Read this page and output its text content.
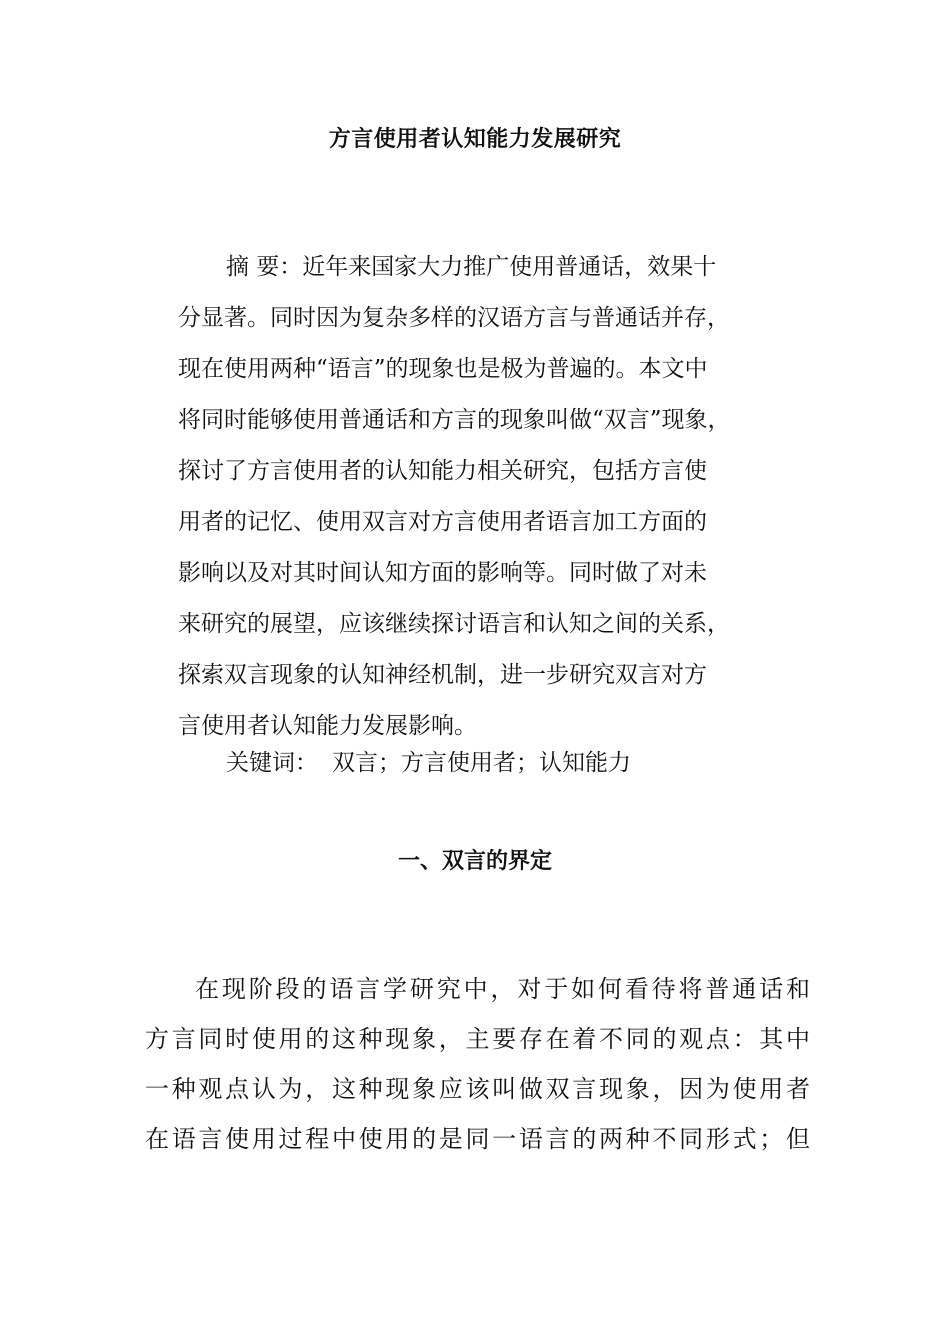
方言使用者认知能力发展研究
摘 要：近年来国家大力推广使用普通话，效果十
分显著。同时因为复杂多样的汉语方言与普通话并存，
现在使用两种“语言”的现象也是极为普遍的。本文中
将同时能够使用普通话和方言的现象叫做“双言”现象，
探讨了方言使用者的认知能力相关研究，包括方言使
用者的记忆、使用双言对方言使用者语言加工方面的
影响以及对其时间认知方面的影响等。同时做了对未
来研究的展望，应该继续探讨语言和认知之间的关系，
探索双言现象的认知神经机制，进一步研究双言对方
言使用者认知能力发展影响。
关键词： 双言；方言使用者；认知能力
一、双言的界定
在现阶段的语言学研究中，对于如何看待将普通话和
方言同时使用的这种现象，主要存在着不同的观点：其中
一种观点认为，这种现象应该叫做双言现象，因为使用者
在语言使用过程中使用的是同一语言的两种不同形式；但
